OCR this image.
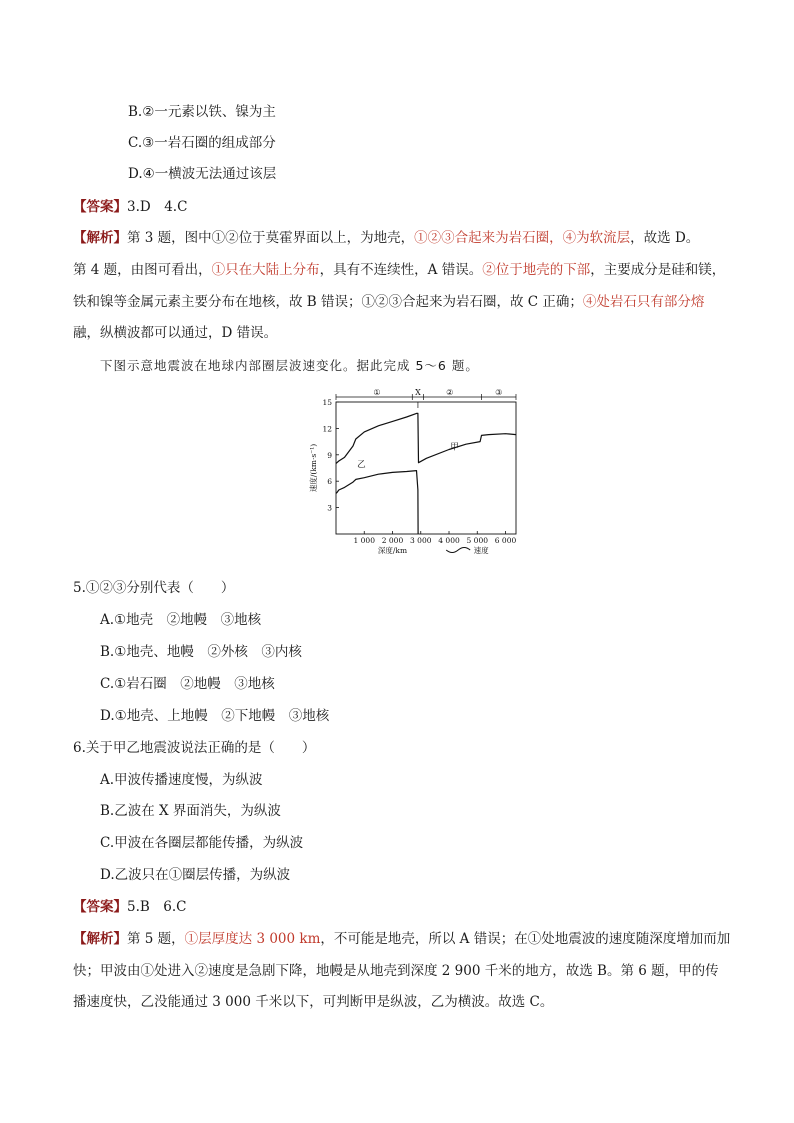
B.②一元素以铁、镍为主
C.③一岩石圈的组成部分
D.④一横波无法通过该层
【答案】3.D　4.C
【解析】第 3 题，图中①②位于莫霍界面以上，为地壳，①②③合起来为岩石圈，④为软流层，故选 D。
第 4 题，由图可看出，①只在大陆上分布，具有不连续性，A 错误。②位于地壳的下部，主要成分是硅和镁，
铁和镍等金属元素主要分布在地核，故 B 错误；①②③合起来为岩石圈，故 C 正确；④处岩石只有部分熔
融，纵横波都可以通过，D 错误。
下图示意地震波在地球内部圈层波速变化。据此完成 5～6 题。
3
6
9
12
15
1 000 2 000 3 000 4 000 5 000 6 000
速度/(km·s⁻¹)
深度/km	速度
①	X	②	③
甲
乙
5.①②③分别代表（　　）
A.①地壳　②地幔　③地核
B.①地壳、地幔　②外核　③内核
C.①岩石圈　②地幔　③地核
D.①地壳、上地幔　②下地幔　③地核
6.关于甲乙地震波说法正确的是（　　）
A.甲波传播速度慢，为纵波
B.乙波在 X 界面消失，为纵波
C.甲波在各圈层都能传播，为纵波
D.乙波只在①圈层传播，为纵波
【答案】5.B　6.C
【解析】第 5 题，①层厚度达 3 000 km，不可能是地壳，所以 A 错误；在①处地震波的速度随深度增加而加
快；甲波由①处进入②速度是急剧下降，地幔是从地壳到深度 2 900 千米的地方，故选 B。第 6 题，甲的传
播速度快，乙没能通过 3 000 千米以下，可判断甲是纵波，乙为横波。故选 C。
